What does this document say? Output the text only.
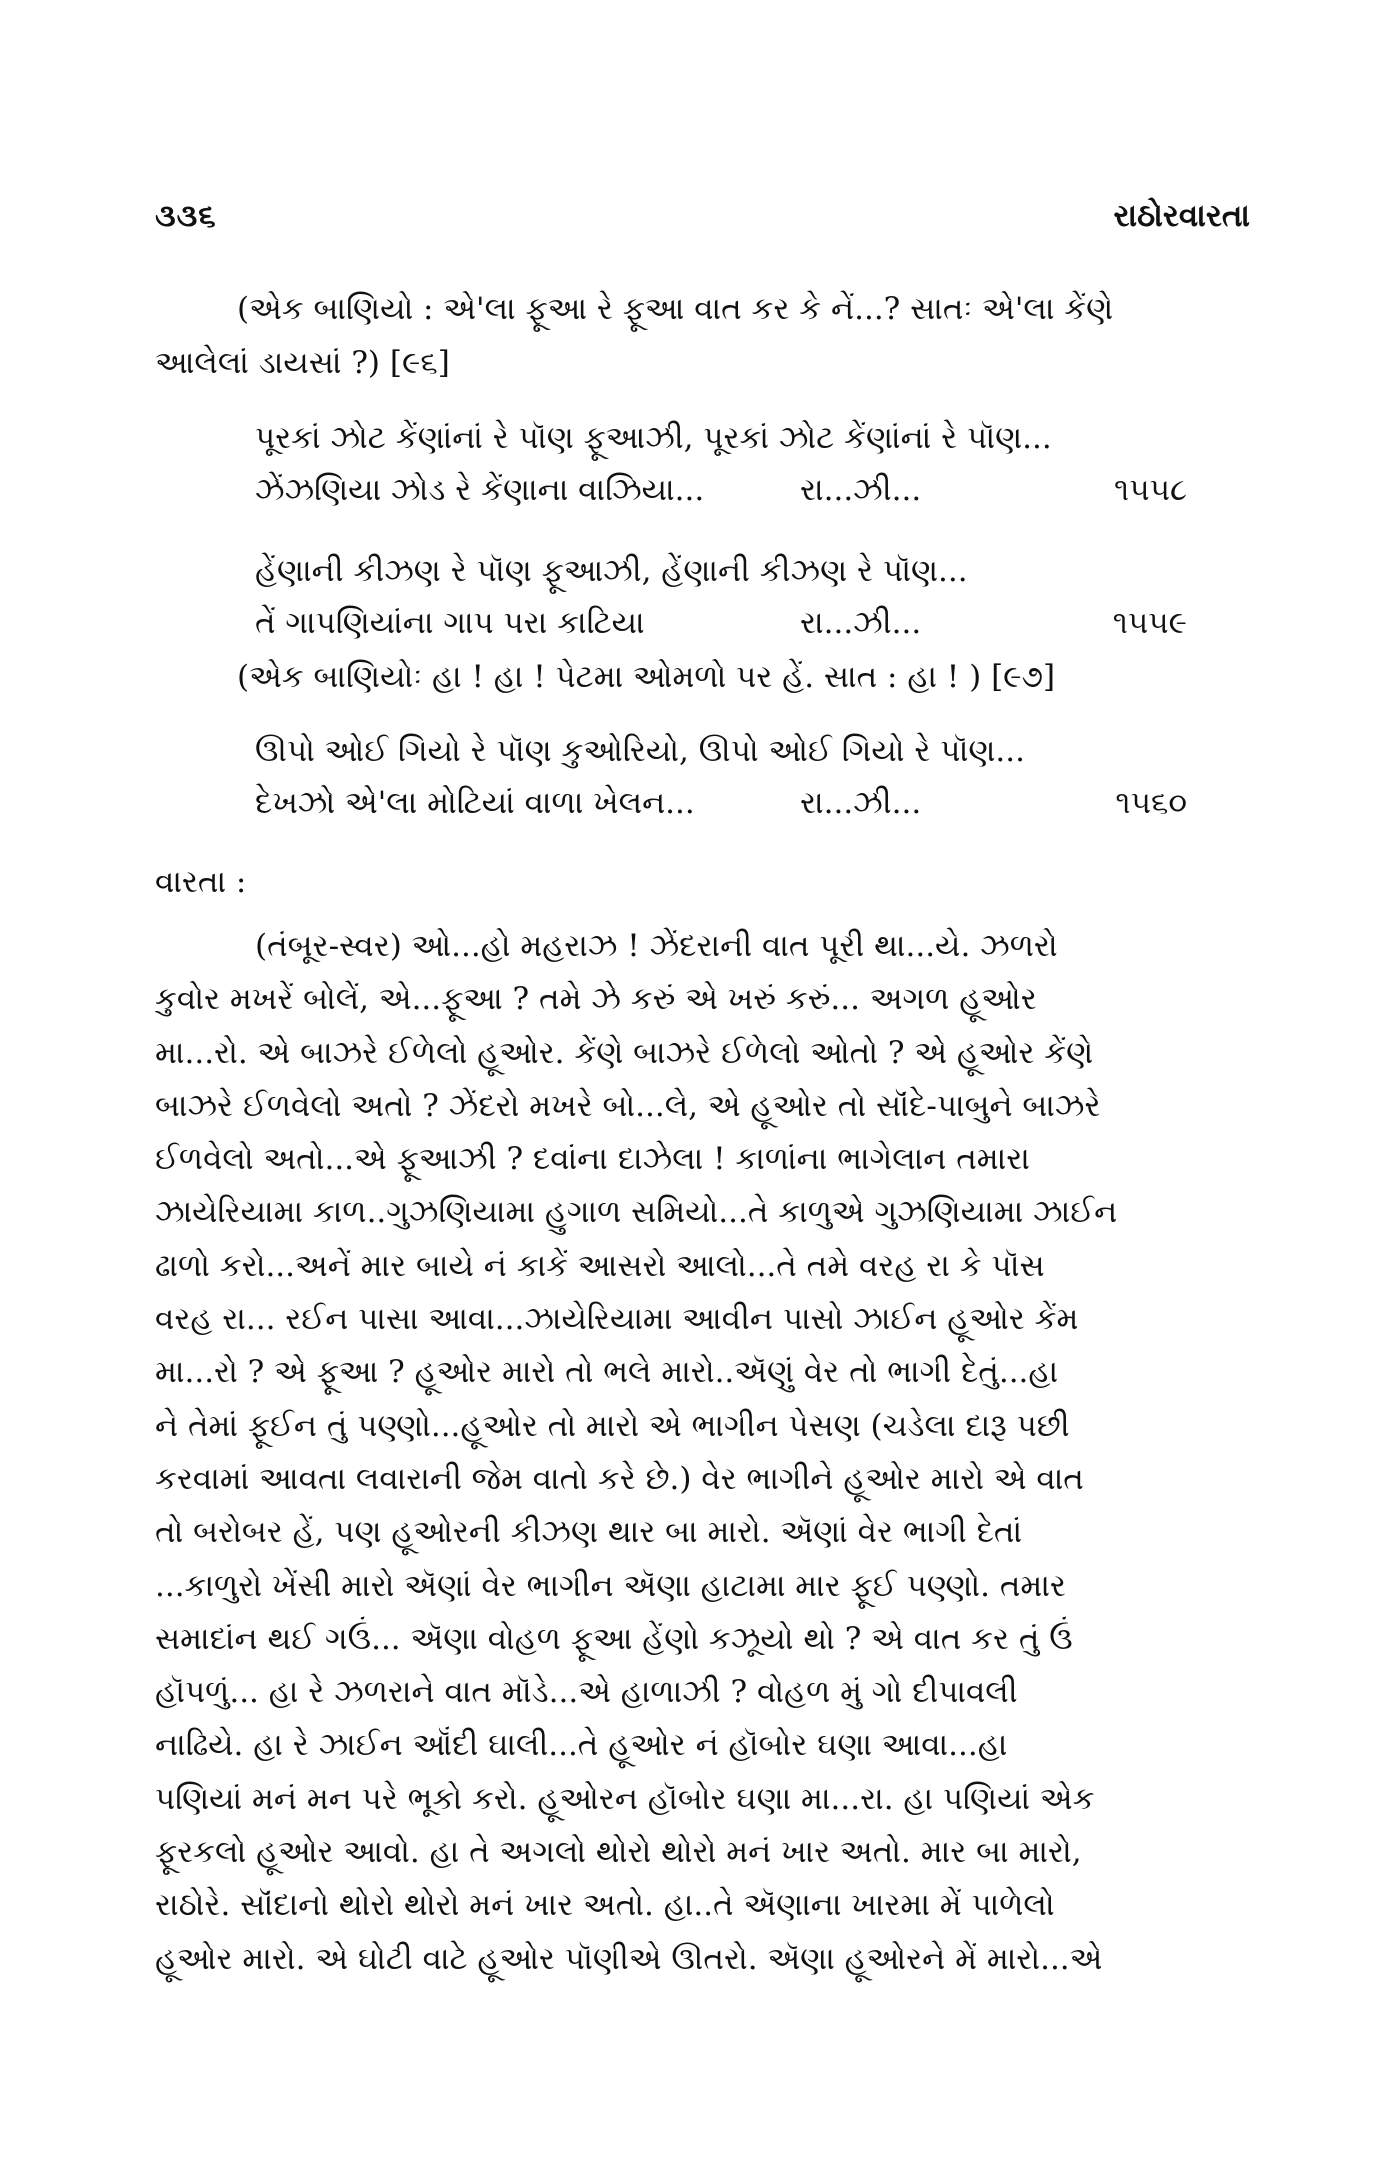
૩૩૬	રાઠોરવારતા
(એક બાણિયો : એ'લા ફૂઆ રે ફૂઆ વાત કર કે નેં...? સાતઃ એ'લા કેંણે
આલેલાં ડાયસાં ?) [૯૬]
પૂરકાં ઝોટ કેંણાંનાં રે પૉણ ફૂઆઝી, પૂરકાં ઝોટ કેંણાંનાં રે પૉણ...
ઝેંઝણિયા ઝોડ રે કેંણાના વાઝિયા...	રા...ઝી...	૧૫૫૮
હેંણાની કીઝણ રે પૉણ ફૂઆઝી, હેંણાની કીઝણ રે પૉણ...
તેં ગાપણિયાંના ગાપ પરા કાટિયા	રા...ઝી...	૧૫૫૯
(એક બાણિયોઃ હા ! હા ! પેટમા ઓમળો પર હેં. સાત : હા ! ) [૯૭]
ઊપો ઓઈ ગિયો રે પૉણ કુઓરિયો, ઊપો ઓઈ ગિયો રે પૉણ...
દેખઝો એ'લા મોટિયાં વાળા ખેલન...	રા...ઝી...	૧૫૬૦
વારતા :
(તંબૂર-સ્વર) ઓ...હો મહરાઝ ! ઝેંદરાની વાત પૂરી થા...યે. ઝળરો
કુવોર મખરેં બોલેં, એ...ફૂઆ ? તમે ઝે કરું એ ખરું કરું... અગળ હૂઓર
મા...રો. એ બાઝરે ઈળેલો હૂઓર. કેંણે બાઝરે ઈળેલો ઓતો ? એ હૂઓર કેંણે
બાઝરે ઈળવેલો અતો ? ઝેંદરો મખરે બો...લે, એ હૂઓર તો સૉંદે-પાબુને બાઝરે
ઈળવેલો અતો...એ ફૂઆઝી ? દવાંના દાઝેલા ! કાળાંના ભાગેલાન તમારા
ઝાયેરિયામા કાળ..ગુઝણિયામા હુગાળ સમિયો...તે કાળુએ ગુઝણિયામા ઝાઈન
ઢાળો કરો...અનેં માર બાયે નં કાકેં આસરો આલો...તે તમે વરહ રા કે પૉસ
વરહ રા... રઈન પાસા આવા...ઝાયેરિયામા આવીન પાસો ઝાઈન હૂઓર કેંમ
મા...રો ? એ ફૂઆ ? હૂઓર મારો તો ભલે મારો..ઍણું વેર તો ભાગી દેતું...હા
ને તેમાં ફૂઈન તું પણ્ણો...હૂઓર તો મારો એ ભાગીન પેસણ (ચડેલા દારૂ પછી
કરવામાં આવતા લવારાની જેમ વાતો કરે છે.) વેર ભાગીને હૂઓર મારો એ વાત
તો બરોબર હેં, પણ હૂઓરની કીઝણ થાર બા મારો. ઍણાં વેર ભાગી દેતાં
...કાળુરો ખેંસી મારો ઍણાં વેર ભાગીન ઍણા હાટામા માર ફૂઈ પણ્ણો. તમાર
સમાદાંન થઈ ગઉં... ઍણા વોહળ ફૂઆ હેંણો કઝૂયો થો ? એ વાત કર તું ઉં
હૉપળું... હા રે ઝળરાને વાત મૉડે...એ હાળાઝી ? વોહળ મું ગો દીપાવલી
નાઢિયે. હા રે ઝાઈન ઑંદી ઘાલી...તે હૂઓર નં હૉબોર ઘણા આવા...હા
પણિયાં મનં મન પરે ભૂકો કરો. હૂઓરન હૉબોર ઘણા મા...રા. હા પણિયાં એક
ફૂરકલો હૂઓર આવો. હા તે અગલો થોરો થોરો મનં ખાર અતો. માર બા મારો,
રાઠોરે. સૉંદાનો થોરો થોરો મનં ખાર અતો. હા..તે ઍણાના ખારમા મેં પાળેલો
હૂઓર મારો. એ ઘોટી વાટે હૂઓર પૉણીએ ઊતરો. ઍણા હૂઓરને મેં મારો...એ
